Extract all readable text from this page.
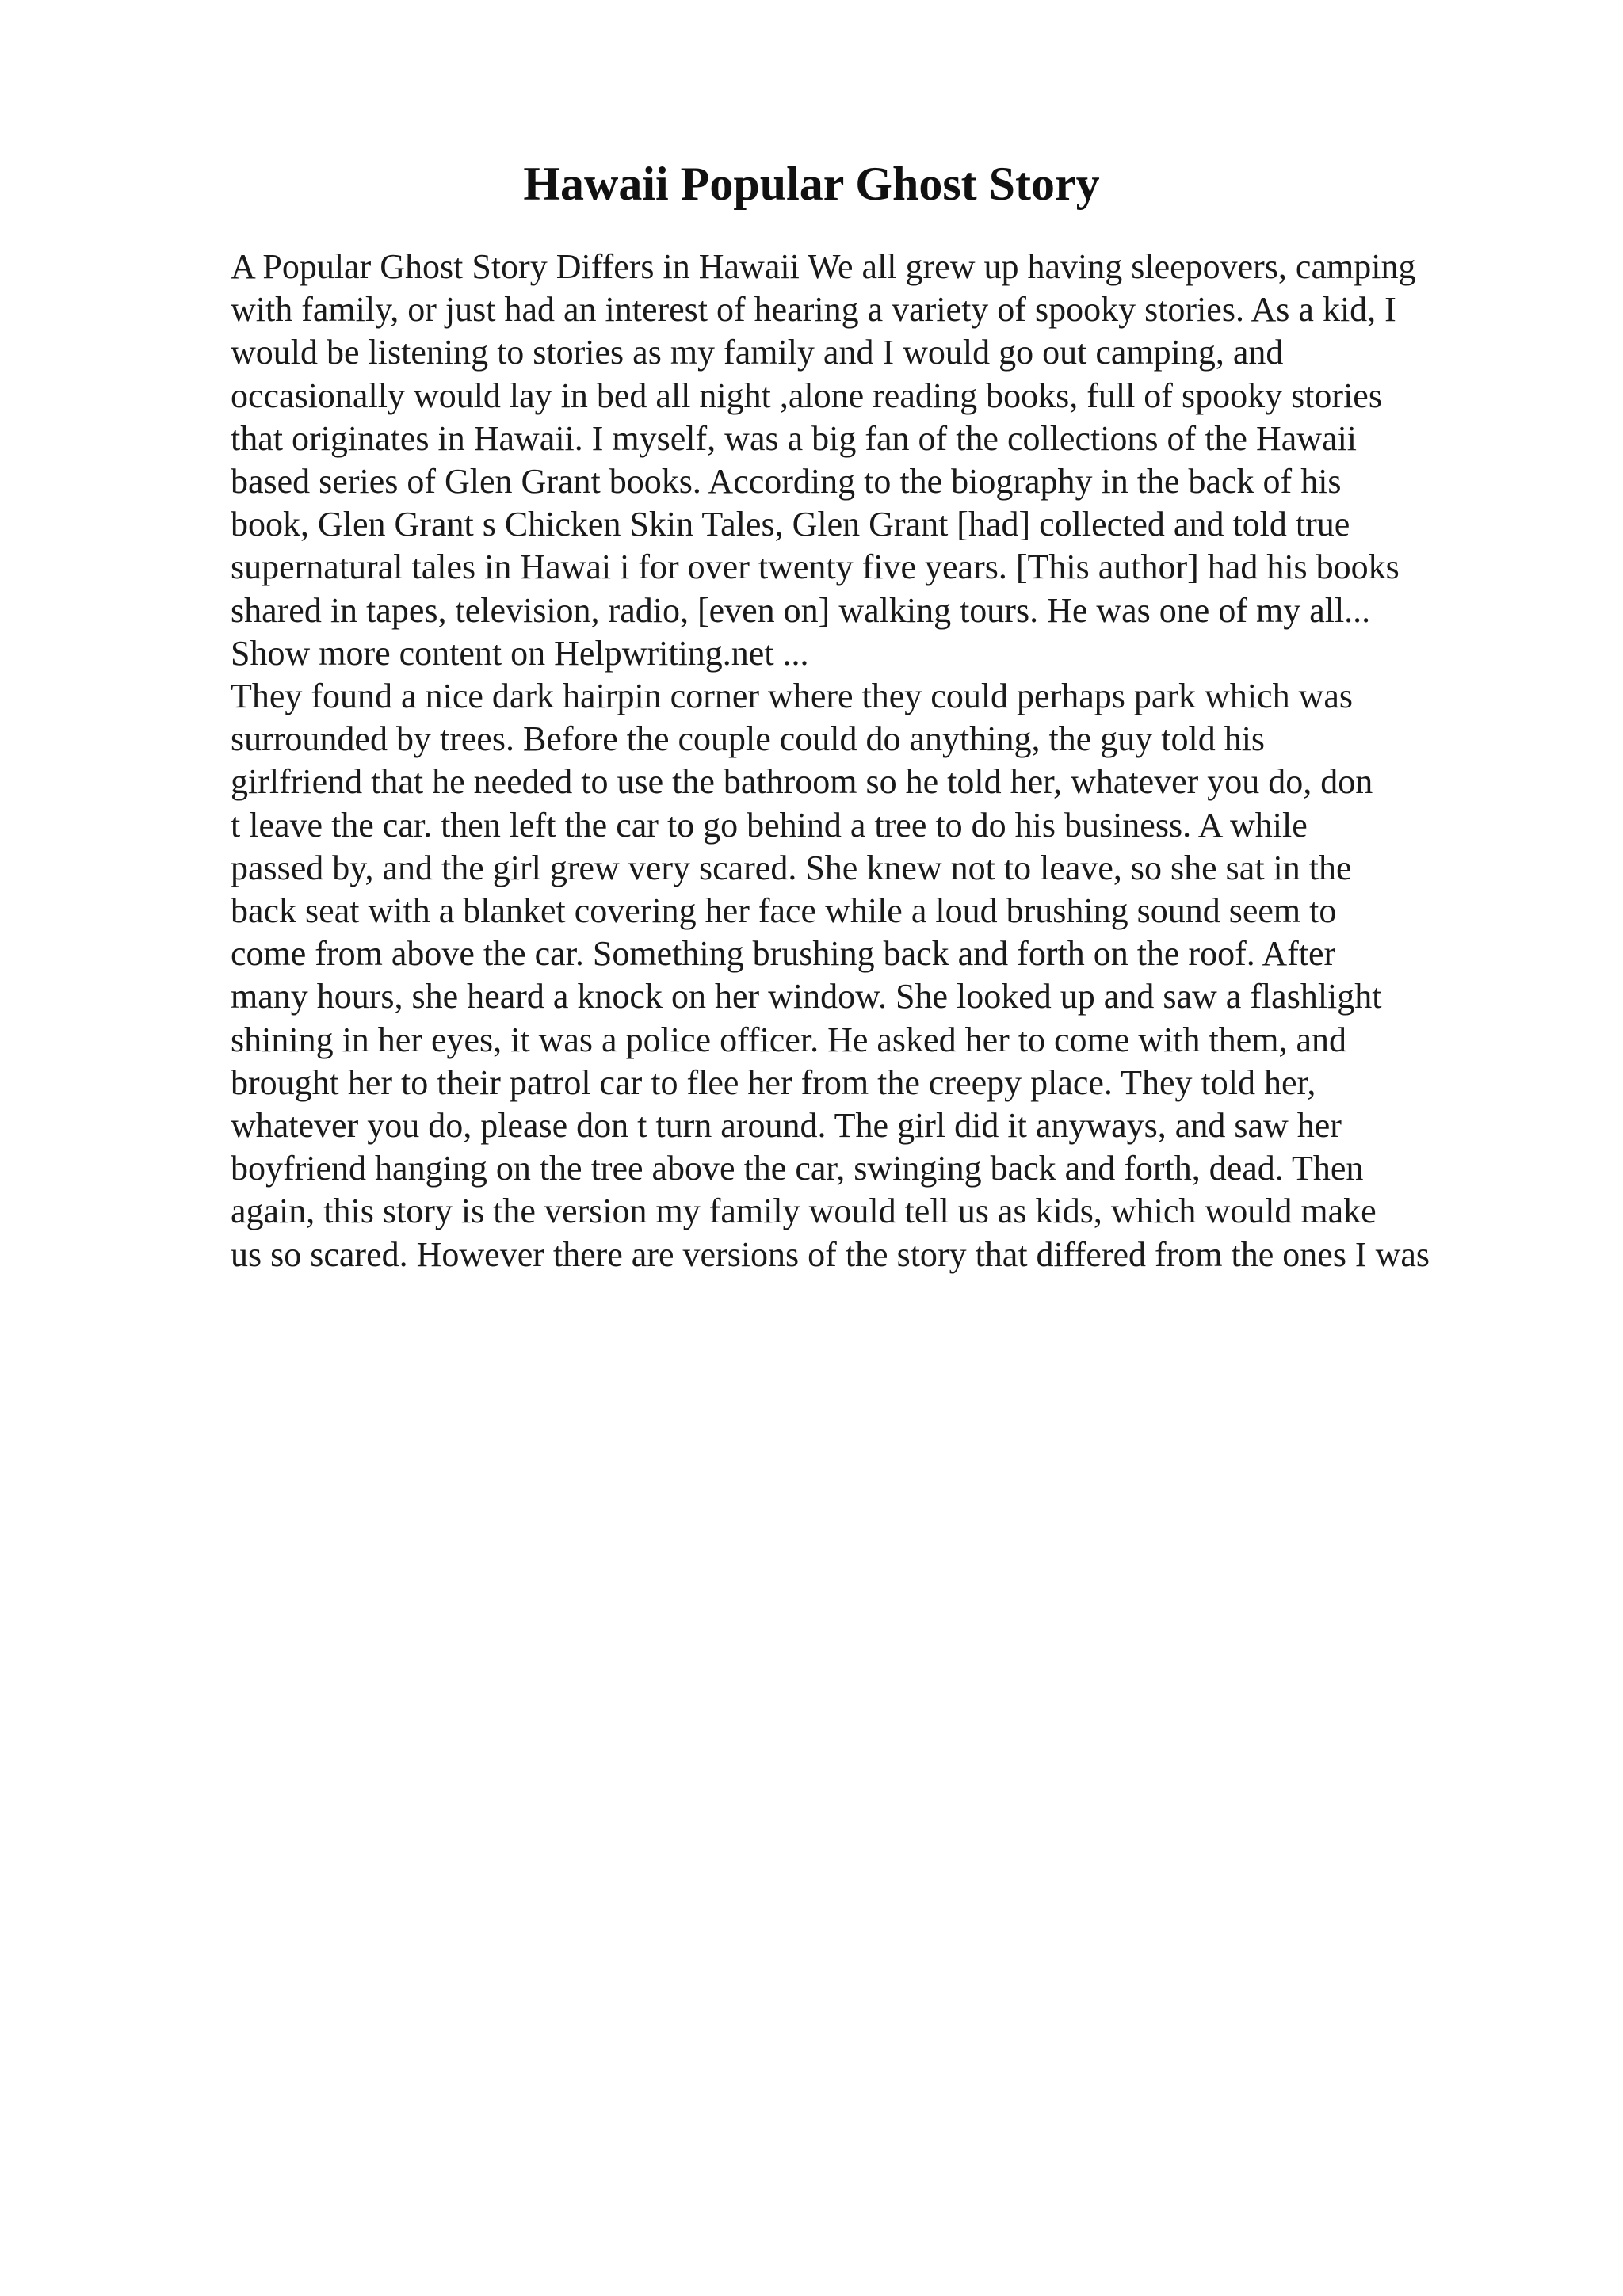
Hawaii Popular Ghost Story
A Popular Ghost Story Differs in Hawaii We all grew up having sleepovers, camping
with family, or just had an interest of hearing a variety of spooky stories. As a kid, I
would be listening to stories as my family and I would go out camping, and
occasionally would lay in bed all night ,alone reading books, full of spooky stories
that originates in Hawaii. I myself, was a big fan of the collections of the Hawaii
based series of Glen Grant books. According to the biography in the back of his
book, Glen Grant s Chicken Skin Tales, Glen Grant [had] collected and told true
supernatural tales in Hawai i for over twenty five years. [This author] had his books
shared in tapes, television, radio, [even on] walking tours. He was one of my all...
Show more content on Helpwriting.net ...
They found a nice dark hairpin corner where they could perhaps park which was
surrounded by trees. Before the couple could do anything, the guy told his
girlfriend that he needed to use the bathroom so he told her, whatever you do, don
t leave the car. then left the car to go behind a tree to do his business. A while
passed by, and the girl grew very scared. She knew not to leave, so she sat in the
back seat with a blanket covering her face while a loud brushing sound seem to
come from above the car. Something brushing back and forth on the roof. After
many hours, she heard a knock on her window. She looked up and saw a flashlight
shining in her eyes, it was a police officer. He asked her to come with them, and
brought her to their patrol car to flee her from the creepy place. They told her,
whatever you do, please don t turn around. The girl did it anyways, and saw her
boyfriend hanging on the tree above the car, swinging back and forth, dead. Then
again, this story is the version my family would tell us as kids, which would make
us so scared. However there are versions of the story that differed from the ones I was
